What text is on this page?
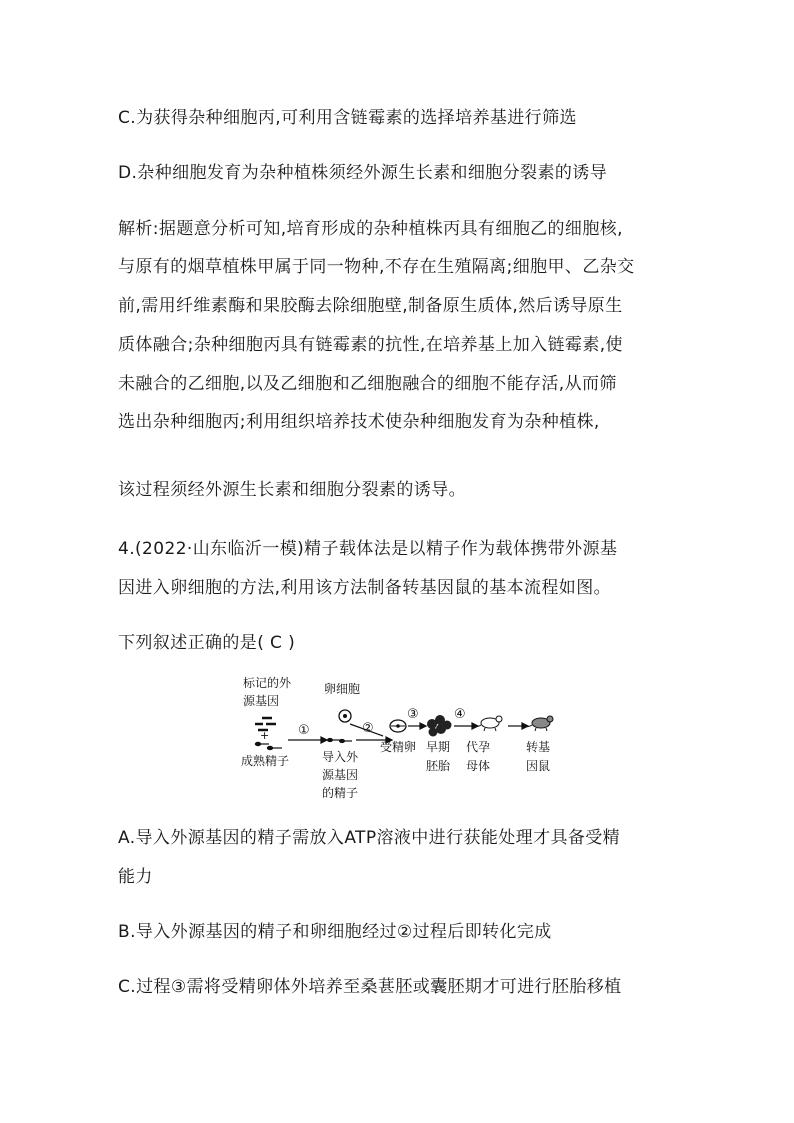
C.为获得杂种细胞丙,可利用含链霉素的选择培养基进行筛选
D.杂种细胞发育为杂种植株须经外源生长素和细胞分裂素的诱导
解析:据题意分析可知,培育形成的杂种植株丙具有细胞乙的细胞核,
与原有的烟草植株甲属于同一物种,不存在生殖隔离;细胞甲、乙杂交
前,需用纤维素酶和果胶酶去除细胞壁,制备原生质体,然后诱导原生
质体融合;杂种细胞丙具有链霉素的抗性,在培养基上加入链霉素,使
未融合的乙细胞,以及乙细胞和乙细胞融合的细胞不能存活,从而筛
选出杂种细胞丙;利用组织培养技术使杂种细胞发育为杂种植株,
该过程须经外源生长素和细胞分裂素的诱导。
4.(2022·山东临沂一模)精子载体法是以精子作为载体携带外源基
因进入卵细胞的方法,利用该方法制备转基因鼠的基本流程如图。
下列叙述正确的是( C )
标记的外
源基因
+
成熟精子
①
卵细胞
②
导入外
源基因
的精子
受精卵
③
早期
胚胎
④
代孕
母体
转基
因鼠
A.导入外源基因的精子需放入ATP溶液中进行获能处理才具备受精
能力
B.导入外源基因的精子和卵细胞经过②过程后即转化完成
C.过程③需将受精卵体外培养至桑葚胚或囊胚期才可进行胚胎移植
